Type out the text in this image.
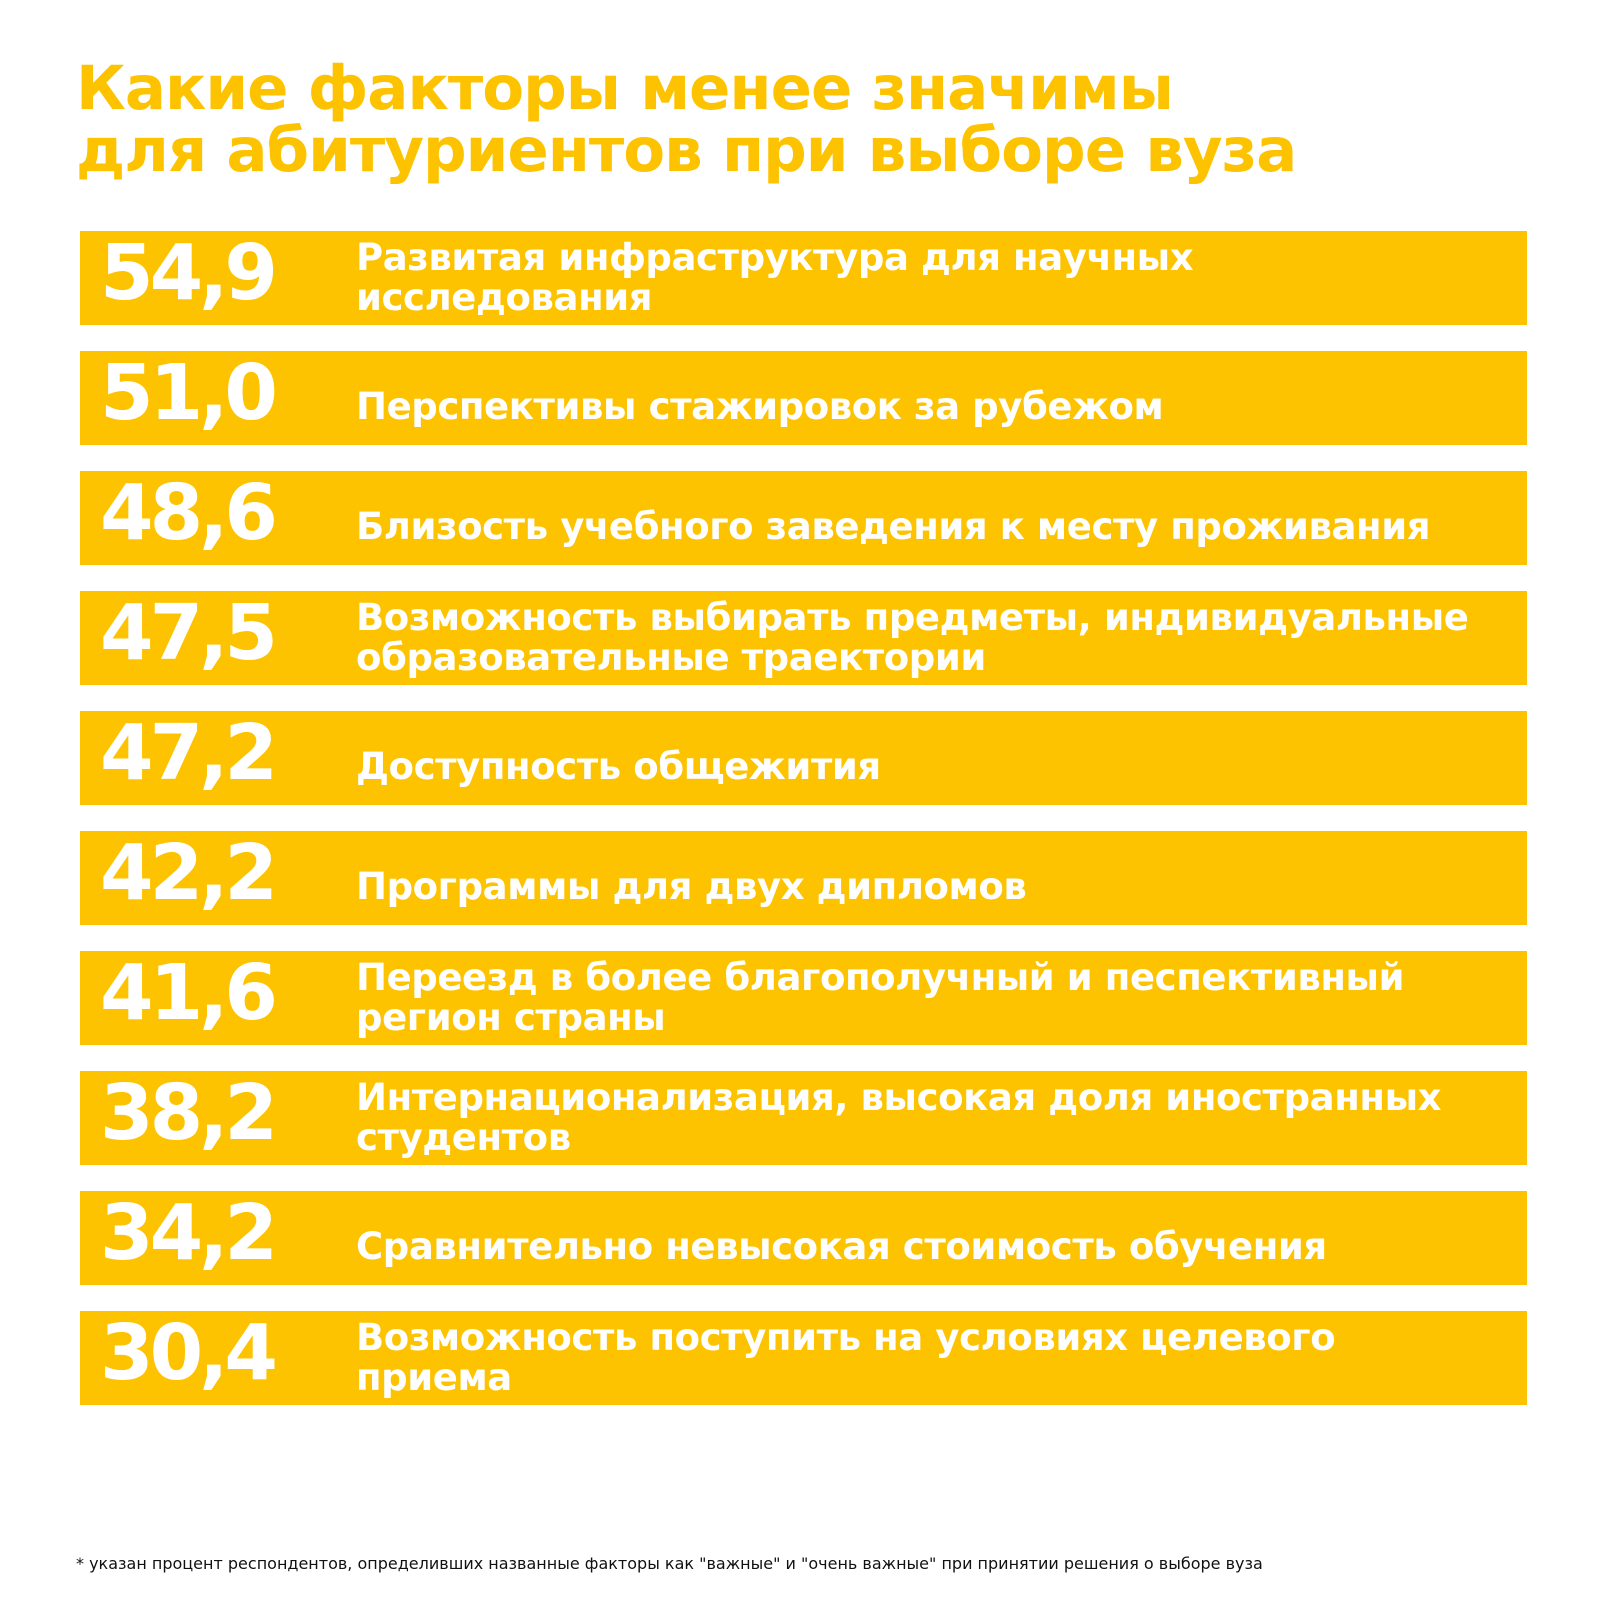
Какие факторы менее значимы
для абитуриентов при выборе вуза
54,9 Развитая инфраструктура для научных
исследования
51,0 Перспективы стажировок за рубежом
48,6 Близость учебного заведения к месту проживания
47,5 Возможность выбирать предметы, индивидуальные
образовательные траектории
47,2 Доступность общежития
42,2 Программы для двух дипломов
41,6 Переезд в более благополучный и песпективный
регион страны
38,2 Интернационализация, высокая доля иностранных
студентов
34,2 Сравнительно невысокая стоимость обучения
30,4 Возможность поступить на условиях целевого
приема
* указан процент респондентов, определивших названные факторы как "важные" и "очень важные" при принятии решения о выборе вуза
